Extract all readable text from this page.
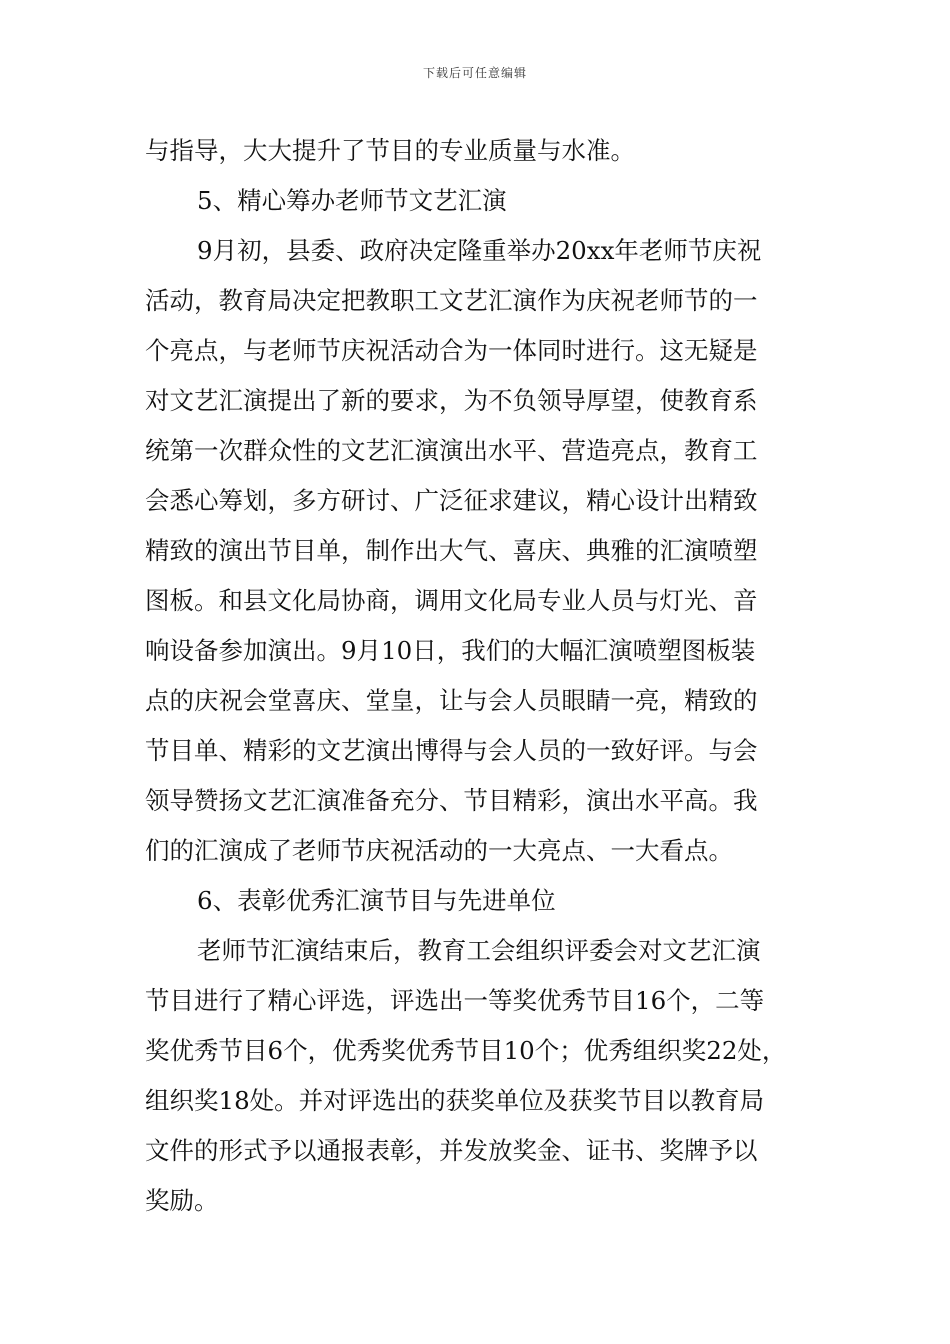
下载后可任意编辑
与指导，大大提升了节目的专业质量与水准。
5、精心筹办老师节文艺汇演
9月初，县委、政府决定隆重举办20xx年老师节庆祝
活动，教育局决定把教职工文艺汇演作为庆祝老师节的一
个亮点，与老师节庆祝活动合为一体同时进行。这无疑是
对文艺汇演提出了新的要求，为不负领导厚望，使教育系
统第一次群众性的文艺汇演演出水平、营造亮点，教育工
会悉心筹划，多方研讨、广泛征求建议，精心设计出精致
精致的演出节目单，制作出大气、喜庆、典雅的汇演喷塑
图板。和县文化局协商，调用文化局专业人员与灯光、音
响设备参加演出。9月10日，我们的大幅汇演喷塑图板装
点的庆祝会堂喜庆、堂皇，让与会人员眼睛一亮，精致的
节目单、精彩的文艺演出博得与会人员的一致好评。与会
领导赞扬文艺汇演准备充分、节目精彩，演出水平高。我
们的汇演成了老师节庆祝活动的一大亮点、一大看点。
6、表彰优秀汇演节目与先进单位
老师节汇演结束后，教育工会组织评委会对文艺汇演
节目进行了精心评选，评选出一等奖优秀节目16个，二等
奖优秀节目6个，优秀奖优秀节目10个；优秀组织奖22处，
组织奖18处。并对评选出的获奖单位及获奖节目以教育局
文件的形式予以通报表彰，并发放奖金、证书、奖牌予以
奖励。
